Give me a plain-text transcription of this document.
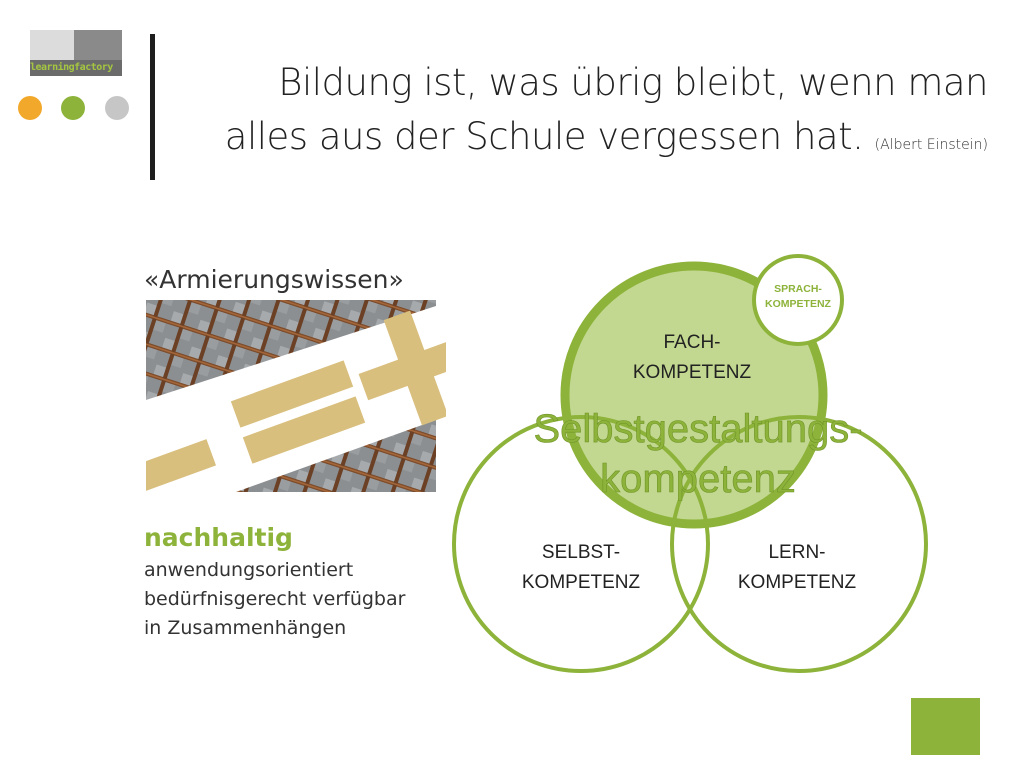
learningfactory	Bildung ist, was übrig bleibt, wenn man
alles aus der Schule vergessen hat. (Albert Einstein)
«Armierungswissen»
nachhaltig
anwendungsorientiert
bedürfnisgerecht verfügbar
in Zusammenhängen
SPRACH-
KOMPETENZ
FACH-
KOMPETENZ
Selbstgestaltungs-
kompetenz
SELBST-
KOMPETENZ
LERN-
KOMPETENZ
